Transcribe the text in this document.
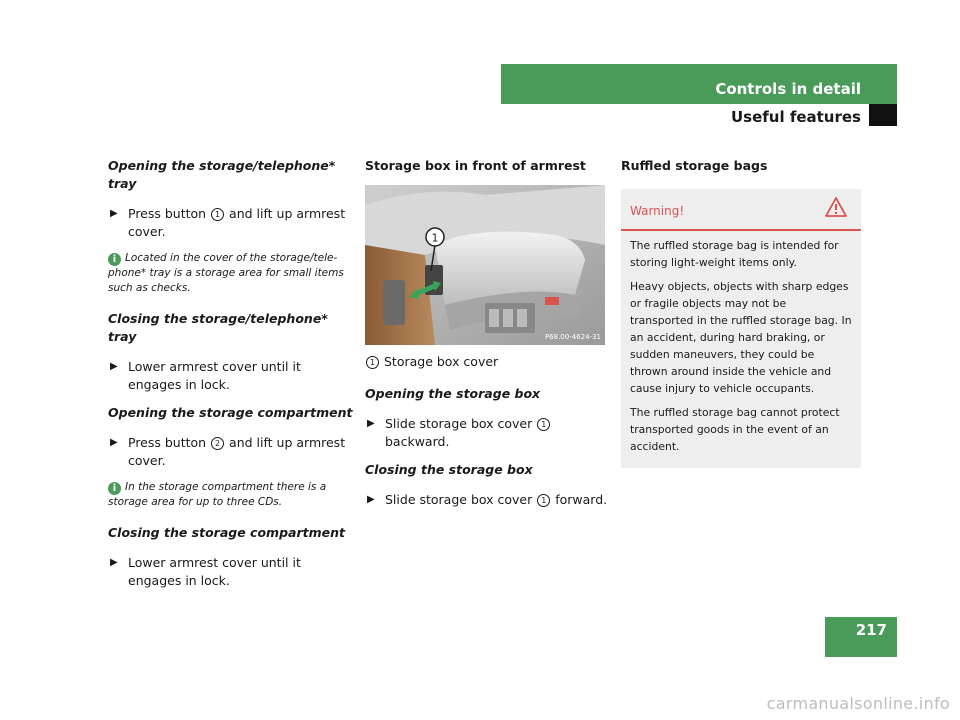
Controls in detail
Useful features

Opening the storage/telephone* tray

▶ Press button 1 and lift up armrest cover.

i Located in the cover of the storage/tele-phone* tray is a storage area for small items such as checks.

Closing the storage/telephone* tray

▶ Lower armrest cover until it engages in lock.

Opening the storage compartment

▶ Press button 2 and lift up armrest cover.

i In the storage compartment there is a storage area for up to three CDs.

Closing the storage compartment

▶ Lower armrest cover until it engages in lock.

Storage box in front of armrest

1
P68.00-4624-31

1 Storage box cover

Opening the storage box

▶ Slide storage box cover 1 backward.

Closing the storage box

▶ Slide storage box cover 1 forward.

Ruffled storage bags

Warning!

The ruffled storage bag is intended for storing light-weight items only.

Heavy objects, objects with sharp edges or fragile objects may not be transported in the ruffled storage bag. In an accident, during hard braking, or sudden maneuvers, they could be thrown around inside the vehicle and cause injury to vehicle occupants.

The ruffled storage bag cannot protect transported goods in the event of an accident.

217
carmanualsonline.info
